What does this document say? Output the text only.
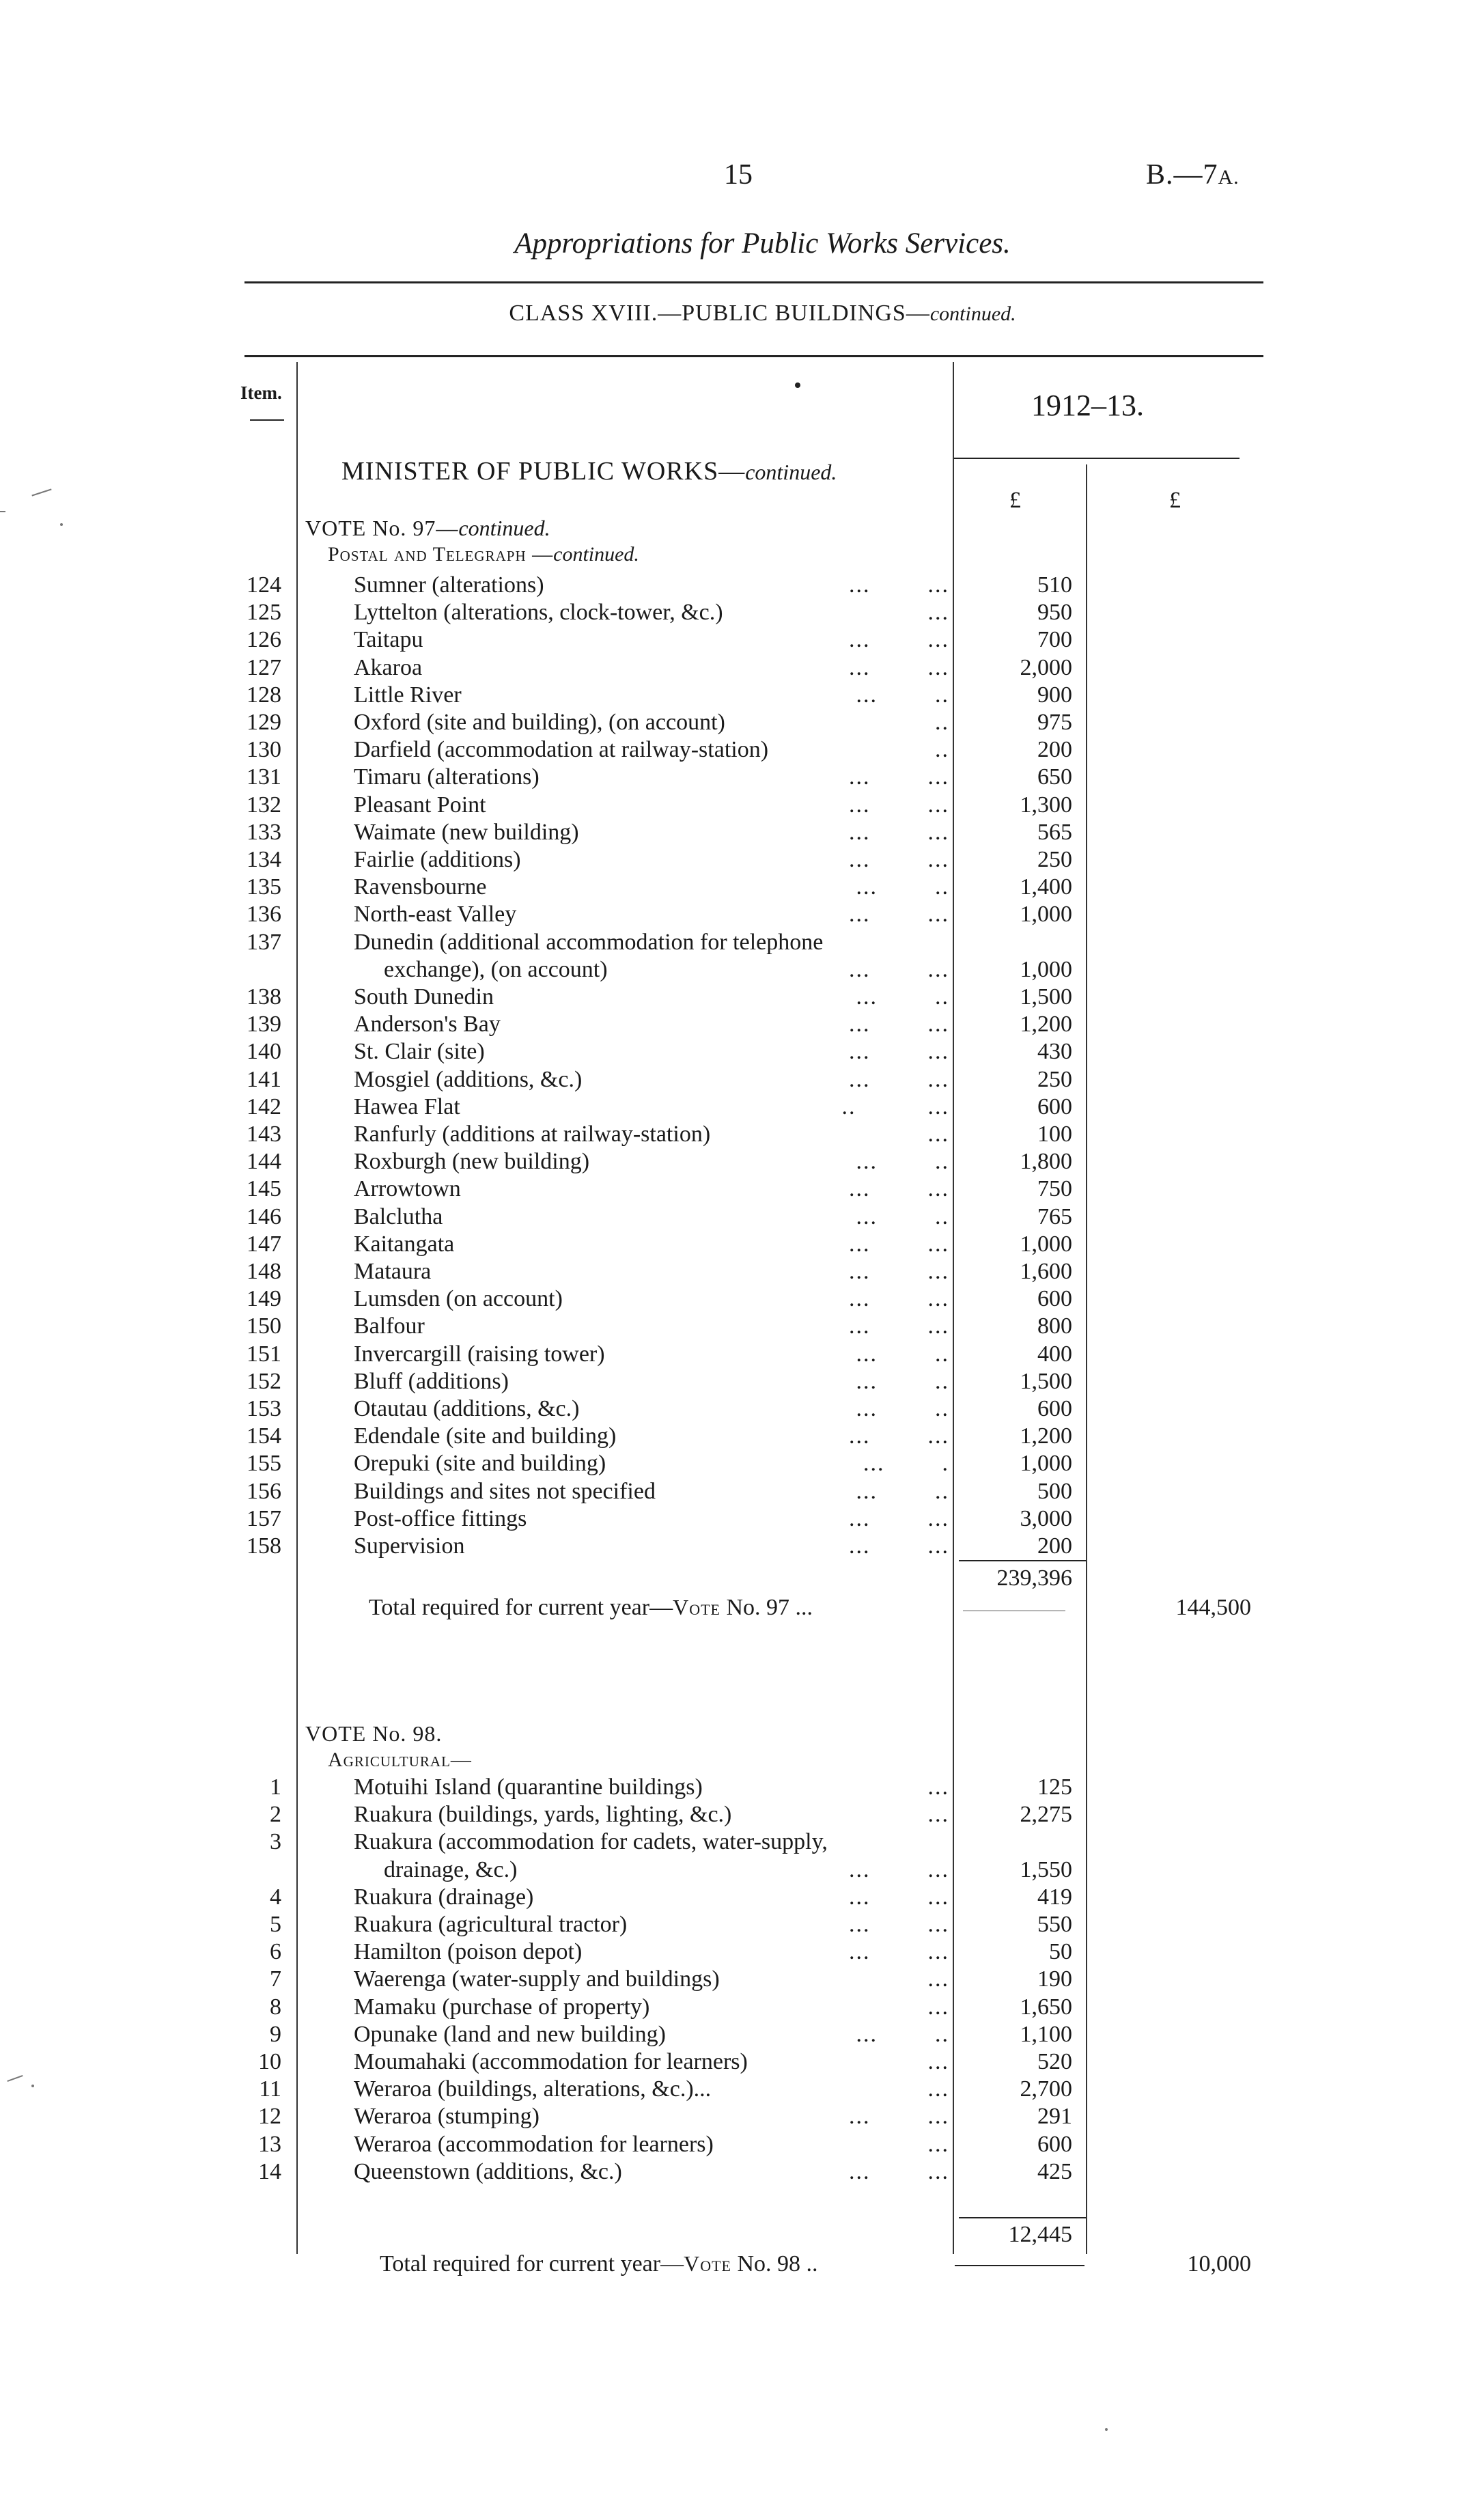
15	B.—7A.
Appropriations for Public Works Services.
CLASS XVIII.—PUBLIC BUILDINGS—continued.
Item.	1912–13.
£	£
MINISTER OF PUBLIC WORKS—continued.
VOTE No. 97—continued.
Postal and Telegraph —continued.
124	Sumner (alterations)	...        ...	510
125	Lyttelton (alterations, clock-tower, &c.)	...	950
126	Taitapu	...        ...	700
127	Akaroa	...        ...	2,000
128	Little River	...        ..	900
129	Oxford (site and building), (on account)	..	975
130	Darfield (accommodation at railway-station)	..	200
131	Timaru (alterations)	...        ...	650
132	Pleasant Point	...        ...	1,300
133	Waimate (new building)	...        ...	565
134	Fairlie (additions)	...        ...	250
135	Ravensbourne	...        ..	1,400
136	North-east Valley	...        ...	1,000
137	Dunedin (additional accommodation for telephone
exchange), (on account)	...        ...	1,000
138	South Dunedin	...        ..	1,500
139	Anderson's Bay	...        ...	1,200
140	St. Clair (site)	...        ...	430
141	Mosgiel (additions, &c.)	...        ...	250
142	Hawea Flat	..          ...	600
143	Ranfurly (additions at railway-station)	...	100
144	Roxburgh (new building)	...        ..	1,800
145	Arrowtown	...        ...	750
146	Balclutha	...        ..	765
147	Kaitangata	...        ...	1,000
148	Mataura	...        ...	1,600
149	Lumsden (on account)	...        ...	600
150	Balfour	...        ...	800
151	Invercargill (raising tower)	...        ..	400
152	Bluff (additions)	...        ..	1,500
153	Otautau (additions, &c.)	...        ..	600
154	Edendale (site and building)	...        ...	1,200
155	Orepuki (site and building)	...        .	1,000
156	Buildings and sites not specified	...        ..	500
157	Post-office fittings	...        ...	3,000
158	Supervision	...        ...	200
239,396
Total required for current year—Vote No. 97 ...	144,500
VOTE No. 98.
Agricultural—
1	Motuihi Island (quarantine buildings)	...	125
2	Ruakura (buildings, yards, lighting, &c.)	...	2,275
3	Ruakura (accommodation for cadets, water-supply,
drainage, &c.)	...        ...	1,550
4	Ruakura (drainage)	...        ...	419
5	Ruakura (agricultural tractor)	...        ...	550
6	Hamilton (poison depot)	...        ...	50
7	Waerenga (water-supply and buildings)	...	190
8	Mamaku (purchase of property)	...	1,650
9	Opunake (land and new building)	...        ..	1,100
10	Moumahaki (accommodation for learners)	...	520
11	Weraroa (buildings, alterations, &c.)...	...	2,700
12	Weraroa (stumping)	...        ...	291
13	Weraroa (accommodation for learners)	...	600
14	Queenstown (additions, &c.)	...        ...	425
12,445
Total required for current year—Vote No. 98 ..	10,000
